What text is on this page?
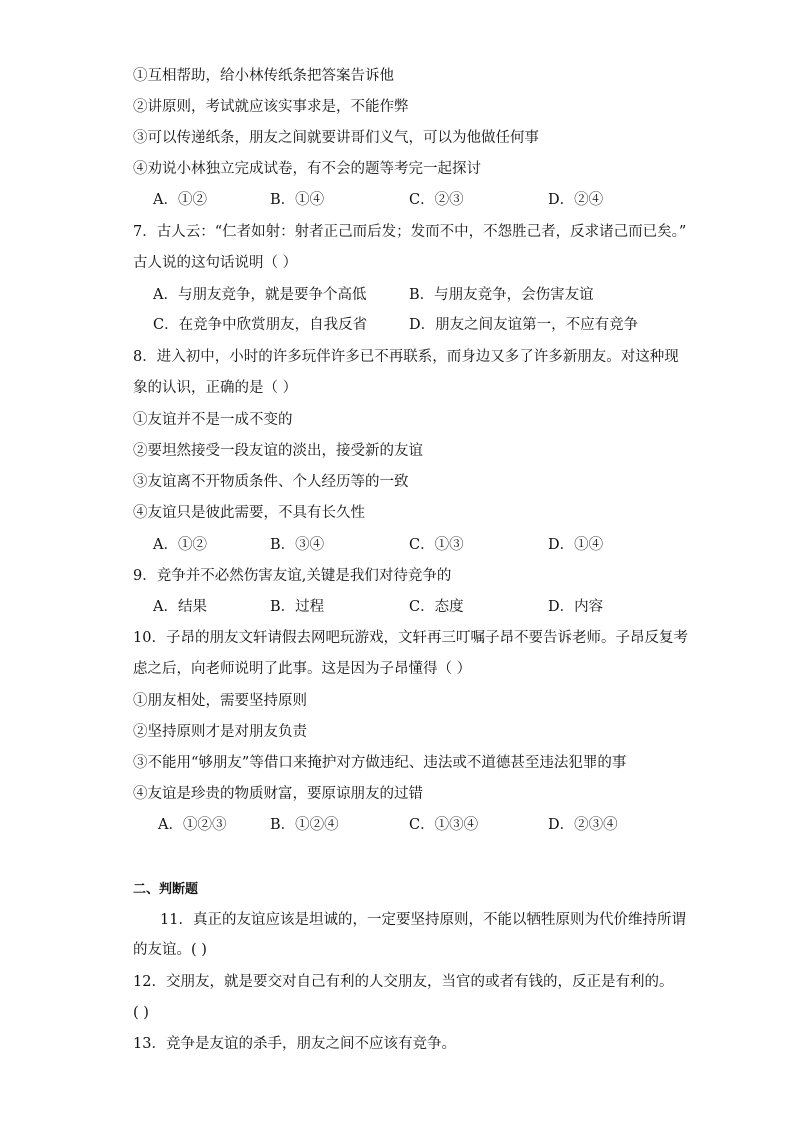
①互相帮助，给小林传纸条把答案告诉他
②讲原则，考试就应该实事求是，不能作弊
③可以传递纸条，朋友之间就要讲哥们义气，可以为他做任何事
④劝说小林独立完成试卷，有不会的题等考完一起探讨
A．①②	B．①④	C．②③	D．②④
7．古人云：“仁者如射：射者正己而后发；发而不中，不怨胜己者，反求诸己而已矣。”
古人说的这句话说明（ ）
A．与朋友竞争，就是要争个高低	B．与朋友竞争，会伤害友谊
C．在竞争中欣赏朋友，自我反省	D．朋友之间友谊第一，不应有竞争
8．进入初中，小时的许多玩伴许多已不再联系，而身边又多了许多新朋友。对这种现
象的认识，正确的是（ ）
①友谊并不是一成不变的
②要坦然接受一段友谊的淡出，接受新的友谊
③友谊离不开物质条件、个人经历等的一致
④友谊只是彼此需要，不具有长久性
A．①②	B．③④	C．①③	D．①④
9．竞争并不必然伤害友谊,关键是我们对待竞争的
A．结果	B．过程	C．态度	D．内容
10．子昂的朋友文轩请假去网吧玩游戏，文轩再三叮嘱子昂不要告诉老师。子昂反复考
虑之后，向老师说明了此事。这是因为子昂懂得（ ）
①朋友相处，需要坚持原则
②坚持原则才是对朋友负责
③不能用“够朋友”等借口来掩护对方做违纪、违法或不道德甚至违法犯罪的事
④友谊是珍贵的物质财富，要原谅朋友的过错
A．①②③	B．①②④	C．①③④	D．②③④
二、判断题
11．真正的友谊应该是坦诚的，一定要坚持原则，不能以牺牲原则为代价维持所谓
的友谊。( )
12．交朋友，就是要交对自己有利的人交朋友，当官的或者有钱的，反正是有利的。
( )
13．竞争是友谊的杀手，朋友之间不应该有竞争。
